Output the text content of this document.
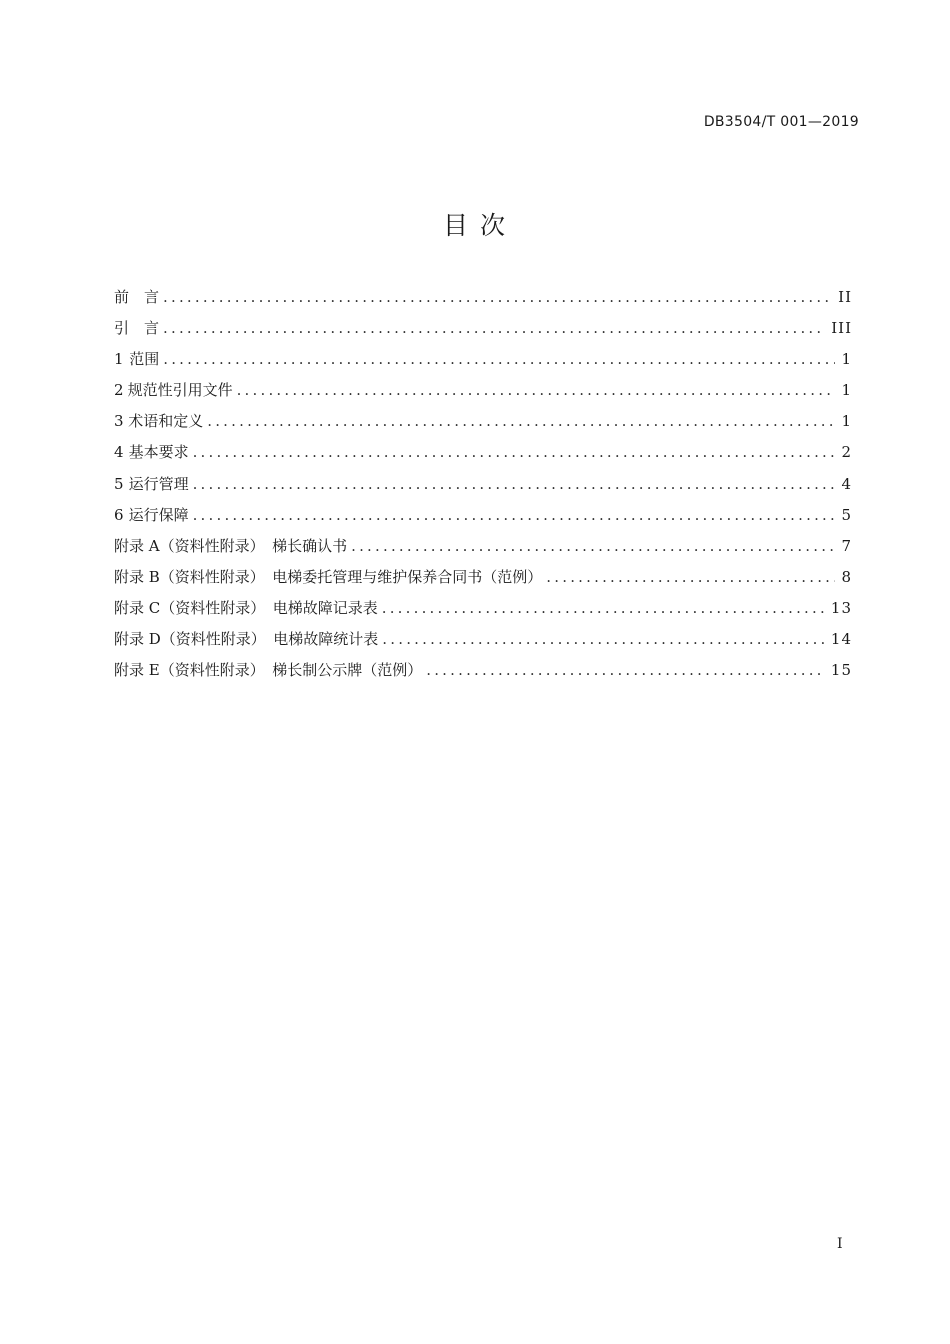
DB3504/T 001—2019
目 次
前　言 .....	II
引　言 .....	III
1 范围 .....	1
2 规范性引用文件 .....	1
3 术语和定义 .....	1
4 基本要求 .....	2
5 运行管理 .....	4
6 运行保障 .....	5
附录 A（资料性附录）　梯长确认书 .....	7
附录 B（资料性附录）　电梯委托管理与维护保养合同书（范例） .....	8
附录 C（资料性附录）　电梯故障记录表 .....	13
附录 D（资料性附录）　电梯故障统计表 .....	14
附录 E（资料性附录）　梯长制公示牌（范例） .....	15
I
